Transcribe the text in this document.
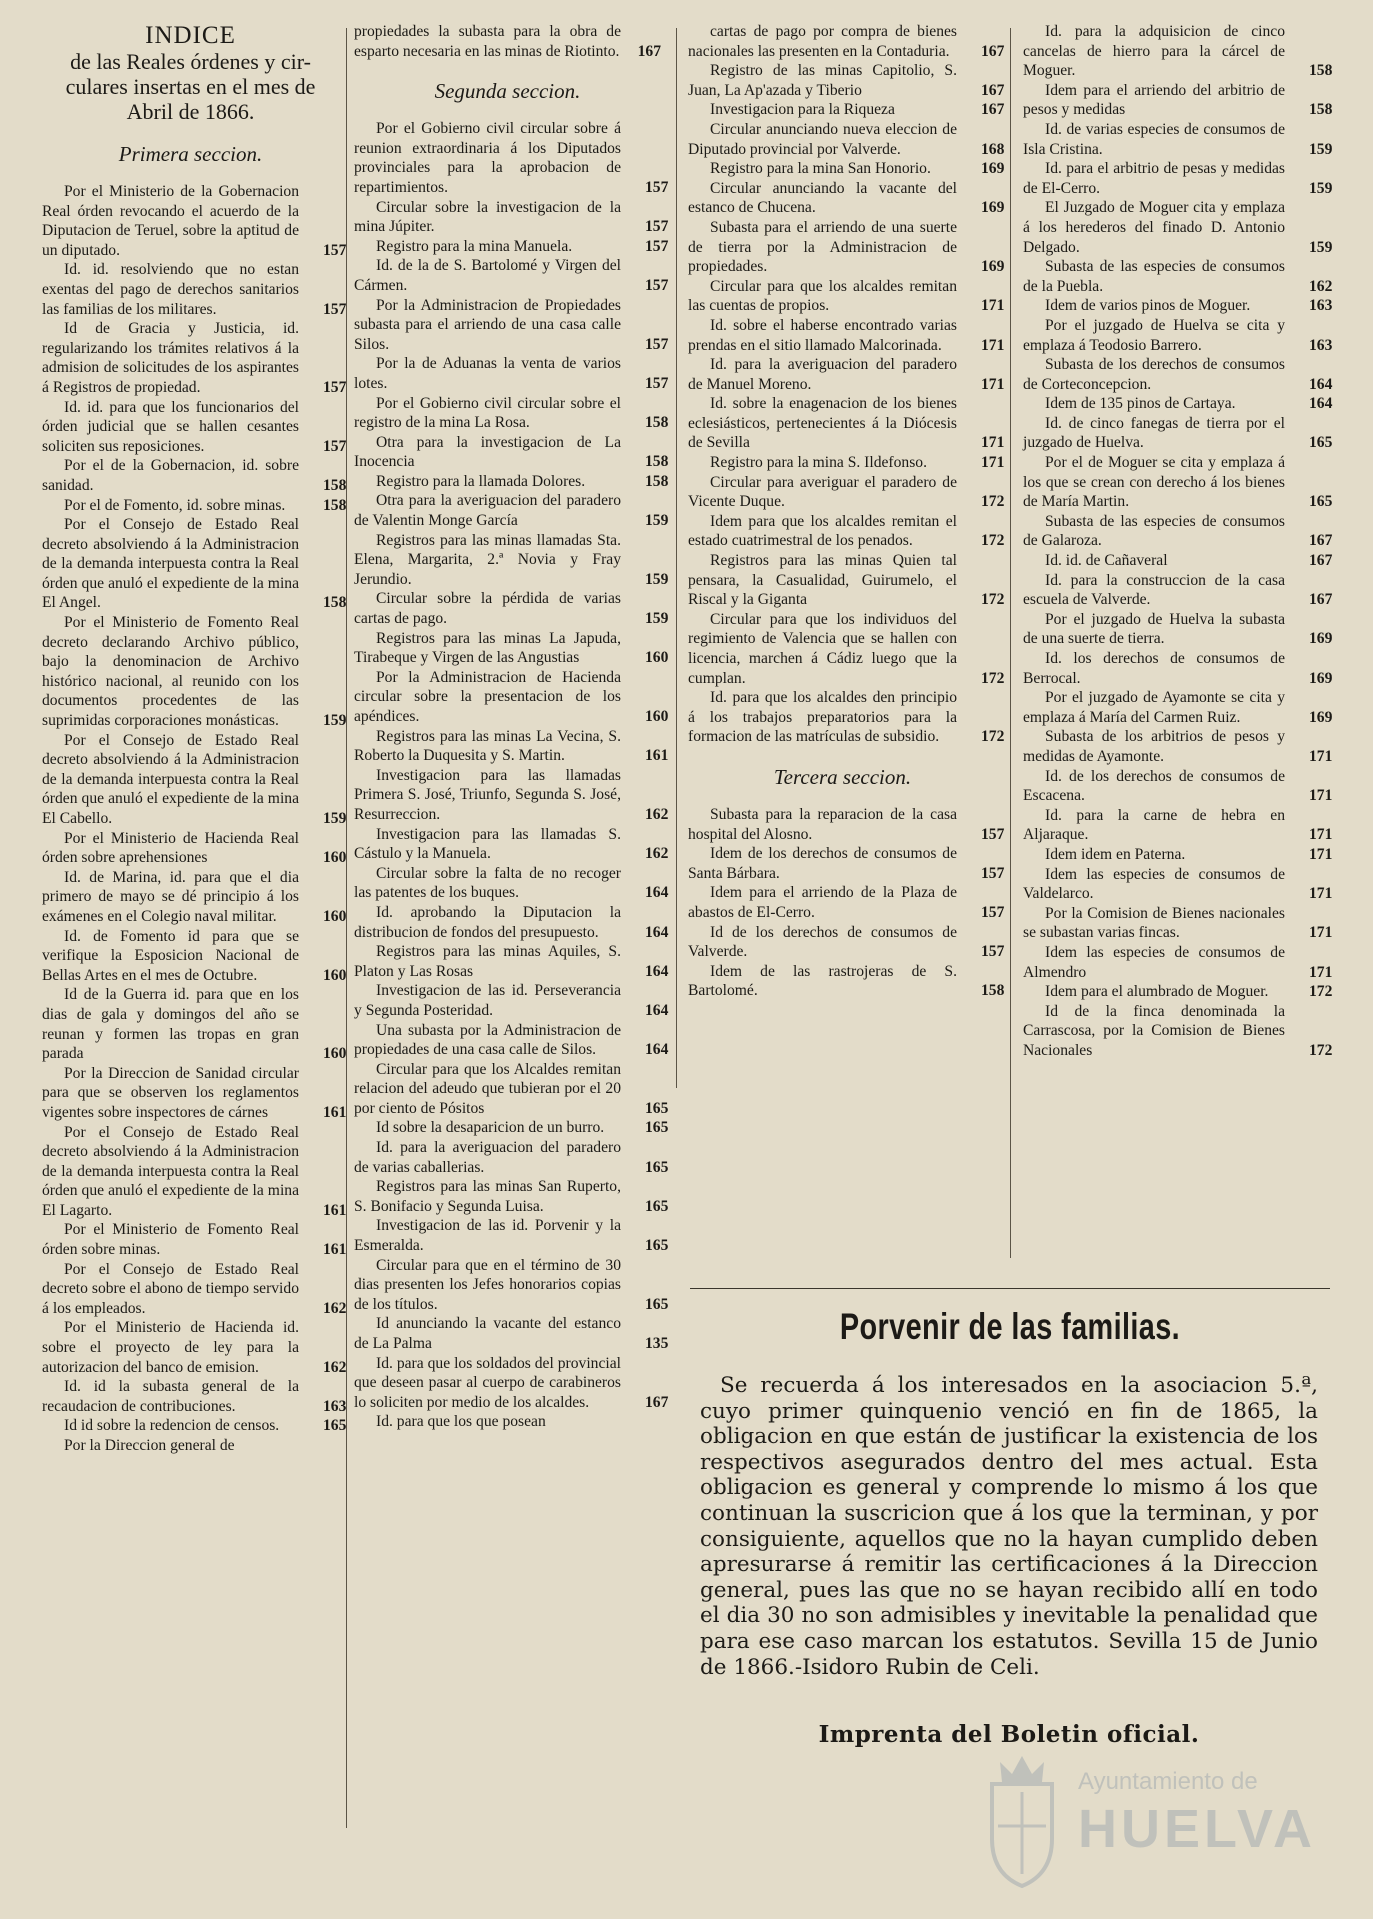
INDICE

de las Reales órdenes y cir-

culares insertas en el mes de

Abril de 1866.

Primera seccion.

Por el Ministerio de la Gobernacion Real órden revocando el acuerdo de la Diputacion de Teruel, sobre la aptitud de un diputado.	157

Id. id. resolviendo que no estan exentas del pago de derechos sanitarios las familias de los militares.	157

Id de Gracia y Justicia, id. regularizando los trámites relativos á la admision de solicitudes de los aspirantes á Registros de propiedad.	157

Id. id. para que los funcionarios del órden judicial que se hallen cesantes soliciten sus reposiciones.	157

Por el de la Gobernacion, id. sobre sanidad.	158

Por el de Fomento, id. sobre minas.	158

Por el Consejo de Estado Real decreto absolviendo á la Administracion de la demanda interpuesta contra la Real órden que anuló el expediente de la mina El Angel.	158

Por el Ministerio de Fomento Real decreto declarando Archivo público, bajo la denominacion de Archivo histórico nacional, al reunido con los documentos procedentes de las suprimidas corporaciones monásticas.	159

Por el Consejo de Estado Real decreto absolviendo á la Administracion de la demanda interpuesta contra la Real órden que anuló el expediente de la mina El Cabello.	159

Por el Ministerio de Hacienda Real órden sobre aprehensiones	160

Id. de Marina, id. para que el dia primero de mayo se dé principio á los exámenes en el Colegio naval militar.	160

Id. de Fomento id para que se verifique la Esposicion Nacional de Bellas Artes en el mes de Octubre.	160

Id de la Guerra id. para que en los dias de gala y domingos del año se reunan y formen las tropas en gran parada	160

Por la Direccion de Sanidad circular para que se observen los reglamentos vigentes sobre inspectores de cárnes	161

Por el Consejo de Estado Real decreto absolviendo á la Administracion de la demanda interpuesta contra la Real órden que anuló el expediente de la mina El Lagarto.	161

Por el Ministerio de Fomento Real órden sobre minas.	161

Por el Consejo de Estado Real decreto sobre el abono de tiempo servido á los empleados.	162

Por el Ministerio de Hacienda id. sobre el proyecto de ley para la autorizacion del banco de emision.	162

Id. id la subasta general de la recaudacion de contribuciones.	163

Id id sobre la redencion de censos.	165

Por la Direccion general de

propiedades la subasta para la obra de esparto necesaria en las minas de Riotinto.	167

Segunda seccion.

Por el Gobierno civil circular sobre á reunion extraordinaria á los Diputados provinciales para la aprobacion de repartimientos.	157

Circular sobre la investigacion de la mina Júpiter.	157

Registro para la mina Manuela.	157

Id. de la de S. Bartolomé y Virgen del Cármen.	157

Por la Administracion de Propiedades subasta para el arriendo de una casa calle Silos.	157

Por la de Aduanas la venta de varios lotes.	157

Por el Gobierno civil circular sobre el registro de la mina La Rosa.	158

Otra para la investigacion de La Inocencia	158

Registro para la llamada Dolores.	158

Otra para la averiguacion del paradero de Valentin Monge García	159

Registros para las minas llamadas Sta. Elena, Margarita, 2.ª Novia y Fray Jerundio.	159

Circular sobre la pérdida de varias cartas de pago.	159

Registros para las minas La Japuda, Tirabeque y Virgen de las Angustias	160

Por la Administracion de Hacienda circular sobre la presentacion de los apéndices.	160

Registros para las minas La Vecina, S. Roberto la Duquesita y S. Martin.	161

Investigacion para las llamadas Primera S. José, Triunfo, Segunda S. José, Resurreccion.	162

Investigacion para las llamadas S. Cástulo y la Manuela.	162

Circular sobre la falta de no recoger las patentes de los buques.	164

Id. aprobando la Diputacion la distribucion de fondos del presupuesto.	164

Registros para las minas Aquiles, S. Platon y Las Rosas	164

Investigacion de las id. Perseverancia y Segunda Posteridad.	164

Una subasta por la Administracion de propiedades de una casa calle de Silos.	164

Circular para que los Alcaldes remitan relacion del adeudo que tubieran por el 20 por ciento de Pósitos	165

Id sobre la desaparicion de un burro.	165

Id. para la averiguacion del paradero de varias caballerias.	165

Registros para las minas San Ruperto, S. Bonifacio y Segunda Luisa.	165

Investigacion de las id. Porvenir y la Esmeralda.	165

Circular para que en el término de 30 dias presenten los Jefes honorarios copias de los títulos.	165

Id anunciando la vacante del estanco de La Palma	135

Id. para que los soldados del provincial que deseen pasar al cuerpo de carabineros lo soliciten por medio de los alcaldes.	167

Id. para que los que posean

cartas de pago por compra de bienes nacionales las presenten en la Contaduria.	167

Registro de las minas Capitolio, S. Juan, La Ap'azada y Tiberio	167

Investigacion para la Riqueza	167

Circular anunciando nueva eleccion de Diputado provincial por Valverde.	168

Registro para la mina San Honorio.	169

Circular anunciando la vacante del estanco de Chucena.	169

Subasta para el arriendo de una suerte de tierra por la Administracion de propiedades.	169

Circular para que los alcaldes remitan las cuentas de propios.	171

Id. sobre el haberse encontrado varias prendas en el sitio llamado Malcorinada.	171

Id. para la averiguacion del paradero de Manuel Moreno.	171

Id. sobre la enagenacion de los bienes eclesiásticos, pertenecientes á la Diócesis de Sevilla	171

Registro para la mina S. Ildefonso.	171

Circular para averiguar el paradero de Vicente Duque.	172

Idem para que los alcaldes remitan el estado cuatrimestral de los penados.	172

Registros para las minas Quien tal pensara, la Casualidad, Guirumelo, el Riscal y la Giganta	172

Circular para que los individuos del regimiento de Valencia que se hallen con licencia, marchen á Cádiz luego que la cumplan.	172

Id. para que los alcaldes den principio á los trabajos preparatorios para la formacion de las matrículas de subsidio.	172

Tercera seccion.

Subasta para la reparacion de la casa hospital del Alosno.	157

Idem de los derechos de consumos de Santa Bárbara.	157

Idem para el arriendo de la Plaza de abastos de El-Cerro.	157

Id de los derechos de consumos de Valverde.	157

Idem de las rastrojeras de S. Bartolomé.	158

Id. para la adquisicion de cinco cancelas de hierro para la cárcel de Moguer.	158

Idem para el arriendo del arbitrio de pesos y medidas	158

Id. de varias especies de consumos de Isla Cristina.	159

Id. para el arbitrio de pesas y medidas de El-Cerro.	159

El Juzgado de Moguer cita y emplaza á los herederos del finado D. Antonio Delgado.	159

Subasta de las especies de consumos de la Puebla.	162

Idem de varios pinos de Moguer.	163

Por el juzgado de Huelva se cita y emplaza á Teodosio Barrero.	163

Subasta de los derechos de consumos de Corteconcepcion.	164

Idem de 135 pinos de Cartaya.	164

Id. de cinco fanegas de tierra por el juzgado de Huelva.	165

Por el de Moguer se cita y emplaza á los que se crean con derecho á los bienes de María Martin.	165

Subasta de las especies de consumos de Galaroza.	167

Id. id. de Cañaveral	167

Id. para la construccion de la casa escuela de Valverde.	167

Por el juzgado de Huelva la subasta de una suerte de tierra.	169

Id. los derechos de consumos de Berrocal.	169

Por el juzgado de Ayamonte se cita y emplaza á María del Carmen Ruiz.	169

Subasta de los arbitrios de pesos y medidas de Ayamonte.	171

Id. de los derechos de consumos de Escacena.	171

Id. para la carne de hebra en Aljaraque.	171

Idem idem en Paterna.	171

Idem las especies de consumos de Valdelarco.	171

Por la Comision de Bienes nacionales se subastan varias fincas.	171

Idem las especies de consumos de Almendro	171

Idem para el alumbrado de Moguer.	172

Id de la finca denominada la Carrascosa, por la Comision de Bienes Nacionales	172

Porvenir de las familias.

Se recuerda á los interesados en la asociacion 5.ª, cuyo primer quinquenio venció en fin de 1865, la obligacion en que están de justificar la existencia de los respectivos asegurados dentro del mes actual. Esta obligacion es general y comprende lo mismo á los que continuan la suscricion que á los que la terminan, y por consiguiente, aquellos que no la hayan cumplido deben apresurarse á remitir las certificaciones á la Direccion general, pues las que no se hayan recibido allí en todo el dia 30 no son admisibles y inevitable la penalidad que para ese caso marcan los estatutos. Sevilla 15 de Junio de 1866.-Isidoro Rubin de Celi.

Imprenta del Boletin oficial.

Ayuntamiento de
HUELVA
